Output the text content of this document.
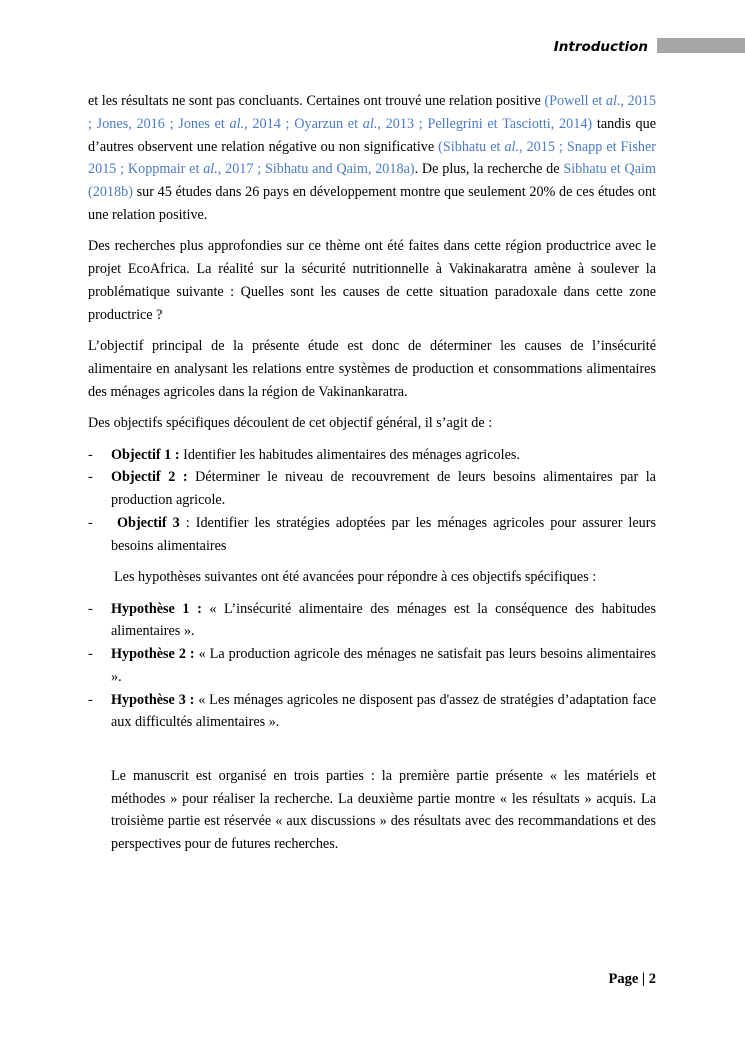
Introduction

et les résultats ne sont pas concluants. Certaines ont trouvé une relation positive (Powell et al., 2015 ; Jones, 2016 ; Jones et al., 2014 ; Oyarzun et al., 2013 ; Pellegrini et Tasciotti, 2014) tandis que d’autres observent une relation négative ou non significative (Sibhatu et al., 2015 ; Snapp et Fisher 2015 ; Koppmair et al., 2017 ; Sibhatu and Qaim, 2018a). De plus, la recherche de Sibhatu et Qaim (2018b) sur 45 études dans 26 pays en développement montre que seulement 20% de ces études ont une relation positive.

Des recherches plus approfondies sur ce thème ont été faites dans cette région productrice avec le projet EcoAfrica. La réalité sur la sécurité nutritionnelle à Vakinakaratra amène à soulever la problématique suivante : Quelles sont les causes de cette situation paradoxale dans cette zone productrice ?

L’objectif principal de la présente étude est donc de déterminer les causes de l’insécurité alimentaire en analysant les relations entre systèmes de production et consommations alimentaires des ménages agricoles dans la région de Vakinankaratra.

Des objectifs spécifiques découlent de cet objectif général, il s’agit de :

- Objectif 1 : Identifier les habitudes alimentaires des ménages agricoles.
- Objectif 2 : Déterminer le niveau de recouvrement de leurs besoins alimentaires par la production agricole.
- Objectif 3 : Identifier les stratégies adoptées par les ménages agricoles pour assurer leurs besoins alimentaires

Les hypothèses suivantes ont été avancées pour répondre à ces objectifs spécifiques :

- Hypothèse 1 : « L’insécurité alimentaire des ménages est la conséquence des habitudes alimentaires ».
- Hypothèse 2 : « La production agricole des ménages ne satisfait pas leurs besoins alimentaires ».
- Hypothèse 3 : « Les ménages agricoles ne disposent pas d'assez de stratégies d’adaptation face aux difficultés alimentaires ».

Le manuscrit est organisé en trois parties : la première partie présente « les matériels et méthodes » pour réaliser la recherche. La deuxième partie montre « les résultats » acquis. La troisième partie est réservée « aux discussions » des résultats avec des recommandations et des perspectives pour de futures recherches.

Page | 2
